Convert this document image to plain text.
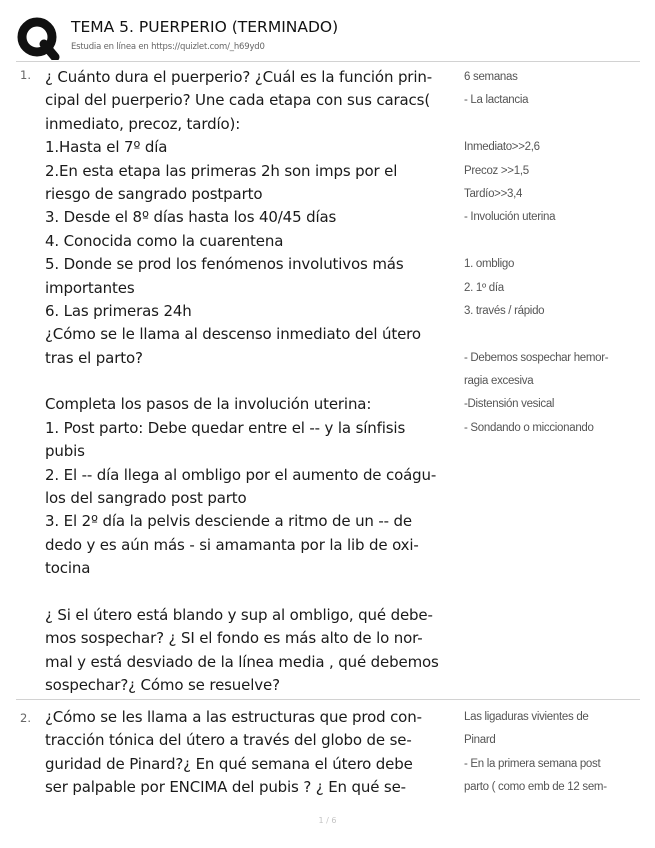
TEMA 5. PUERPERIO (TERMINADO)
Estudia en línea en https://quizlet.com/_h69yd0
1. ¿ Cuánto dura el puerperio? ¿Cuál es la función prin-
cipal del puerperio? Une cada etapa con sus caracs(
inmediato, precoz, tardío):
1.Hasta el 7º día
2.En esta etapa las primeras 2h son imps por el
riesgo de sangrado postparto
3. Desde el 8º días hasta los 40/45 días
4. Conocida como la cuarentena
5. Donde se prod los fenómenos involutivos más
importantes
6. Las primeras 24h
¿Cómo se le llama al descenso inmediato del útero
tras el parto?
Completa los pasos de la involución uterina:
1. Post parto: Debe quedar entre el -- y la sínfisis
pubis
2. El -- día llega al ombligo por el aumento de coágu-
los del sangrado post parto
3. El 2º día la pelvis desciende a ritmo de un -- de
dedo y es aún más - si amamanta por la lib de oxi-
tocina
¿ Si el útero está blando y sup al ombligo, qué debe-
mos sospechar? ¿ SI el fondo es más alto de lo nor-
mal y está desviado de la línea media , qué debemos
sospechar?¿ Cómo se resuelve?
6 semanas
- La lactancia
Inmediato>>2,6
Precoz >>1,5
Tardío>>3,4
- Involución uterina
1. ombligo
2. 1º día
3. través / rápido
- Debemos sospechar hemor-
ragia excesiva
-Distensión vesical
- Sondando o miccionando
2. ¿Cómo se les llama a las estructuras que prod con-
tracción tónica del útero a través del globo de se-
guridad de Pinard?¿ En qué semana el útero debe
ser palpable por ENCIMA del pubis ? ¿ En qué se-
Las ligaduras vivientes de
Pinard
- En la primera semana post
parto ( como emb de 12 sem-
1 / 6
